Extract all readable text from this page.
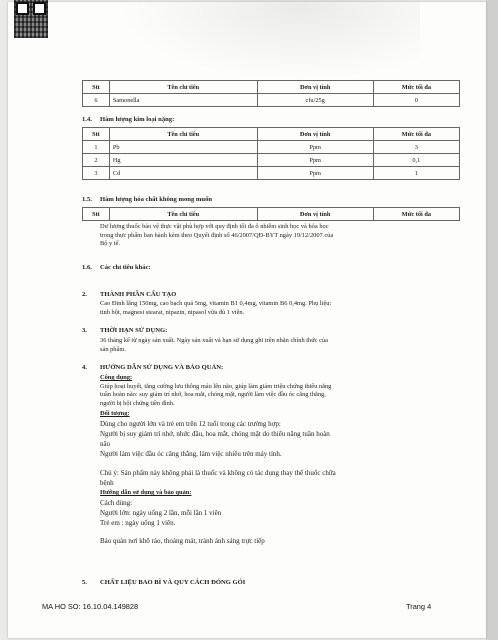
Stt	Tên chỉ tiêu	Đơn vị tính	Mức tối đa
6	Samonella	cfu/25g	0
1.4. Hàm lượng kim loại nặng:
Stt	Tên chỉ tiêu	Đơn vị tính	Mức tối đa
1	Pb	Ppm	3
2	Hg	Ppm	0,1
3	Cd	Ppm	1
1.5. Hàm lượng hóa chất không mong muốn
Stt	Tên chỉ tiêu	Đơn vị tính	Mức tối đa
Dư lượng thuốc bảo vệ thực vật phù hợp với quy định tối đa ô nhiễm sinh học và hóa học
trong thực phẩm ban hành kèm theo Quyết định số 46/2007/QĐ-BYT ngày 19/12/2007 của
Bộ y tế.
1.6. Các chỉ tiêu khác:
2. THÀNH PHẦN CẤU TẠO
Cao Đinh lăng 150mg, cao bạch quả 5mg, vitamin B1 0,4mg, vitamin B6 0,4mg. Phụ liệu:
tinh bột, magnesi stearat, nipazin, nipasol vừa đủ 1 viên.
3. THỜI HẠN SỬ DỤNG:
36 tháng kể từ ngày sản xuất. Ngày sản xuất và hạn sử dụng ghi trên nhãn chính thức của
sản phẩm.
4. HƯỚNG DẪN SỬ DỤNG VÀ BẢO QUẢN:
Công dụng:
Giúp hoạt huyết, tăng cường lưu thông máu lên não, giúp làm giảm triệu chứng thiểu năng
tuần hoàn não: suy giảm trí nhớ, hoa mắt, chóng mặt, người làm việc đầu óc căng thẳng,
người bị hội chứng tiền đình.
Đối tượng:
Dùng cho người lớn và trẻ em trên 12 tuổi trong các trường hợp:
Người bị suy giảm trí nhớ, nhức đầu, hoa mắt, chóng mặt do thiểu năng tuần hoàn
não
Người làm việc đầu óc căng thẳng, làm việc nhiều trên máy tính.
Chú ý: Sản phẩm này không phải là thuốc và không có tác dụng thay thế thuốc chữa
bệnh
Hướng dẫn sử dụng và bảo quản:
Cách dùng:
Người lớn: ngày uống 2 lần, mỗi lần 1 viên
Trẻ em : ngày uống 1 viên.
Bảo quản nơi khô ráo, thoáng mát, tránh ánh sáng trực tiếp
5. CHẤT LIỆU BAO BÌ VÀ QUY CÁCH ĐÓNG GÓI
MA HO SO: 16.10.04.149828	Trang 4
